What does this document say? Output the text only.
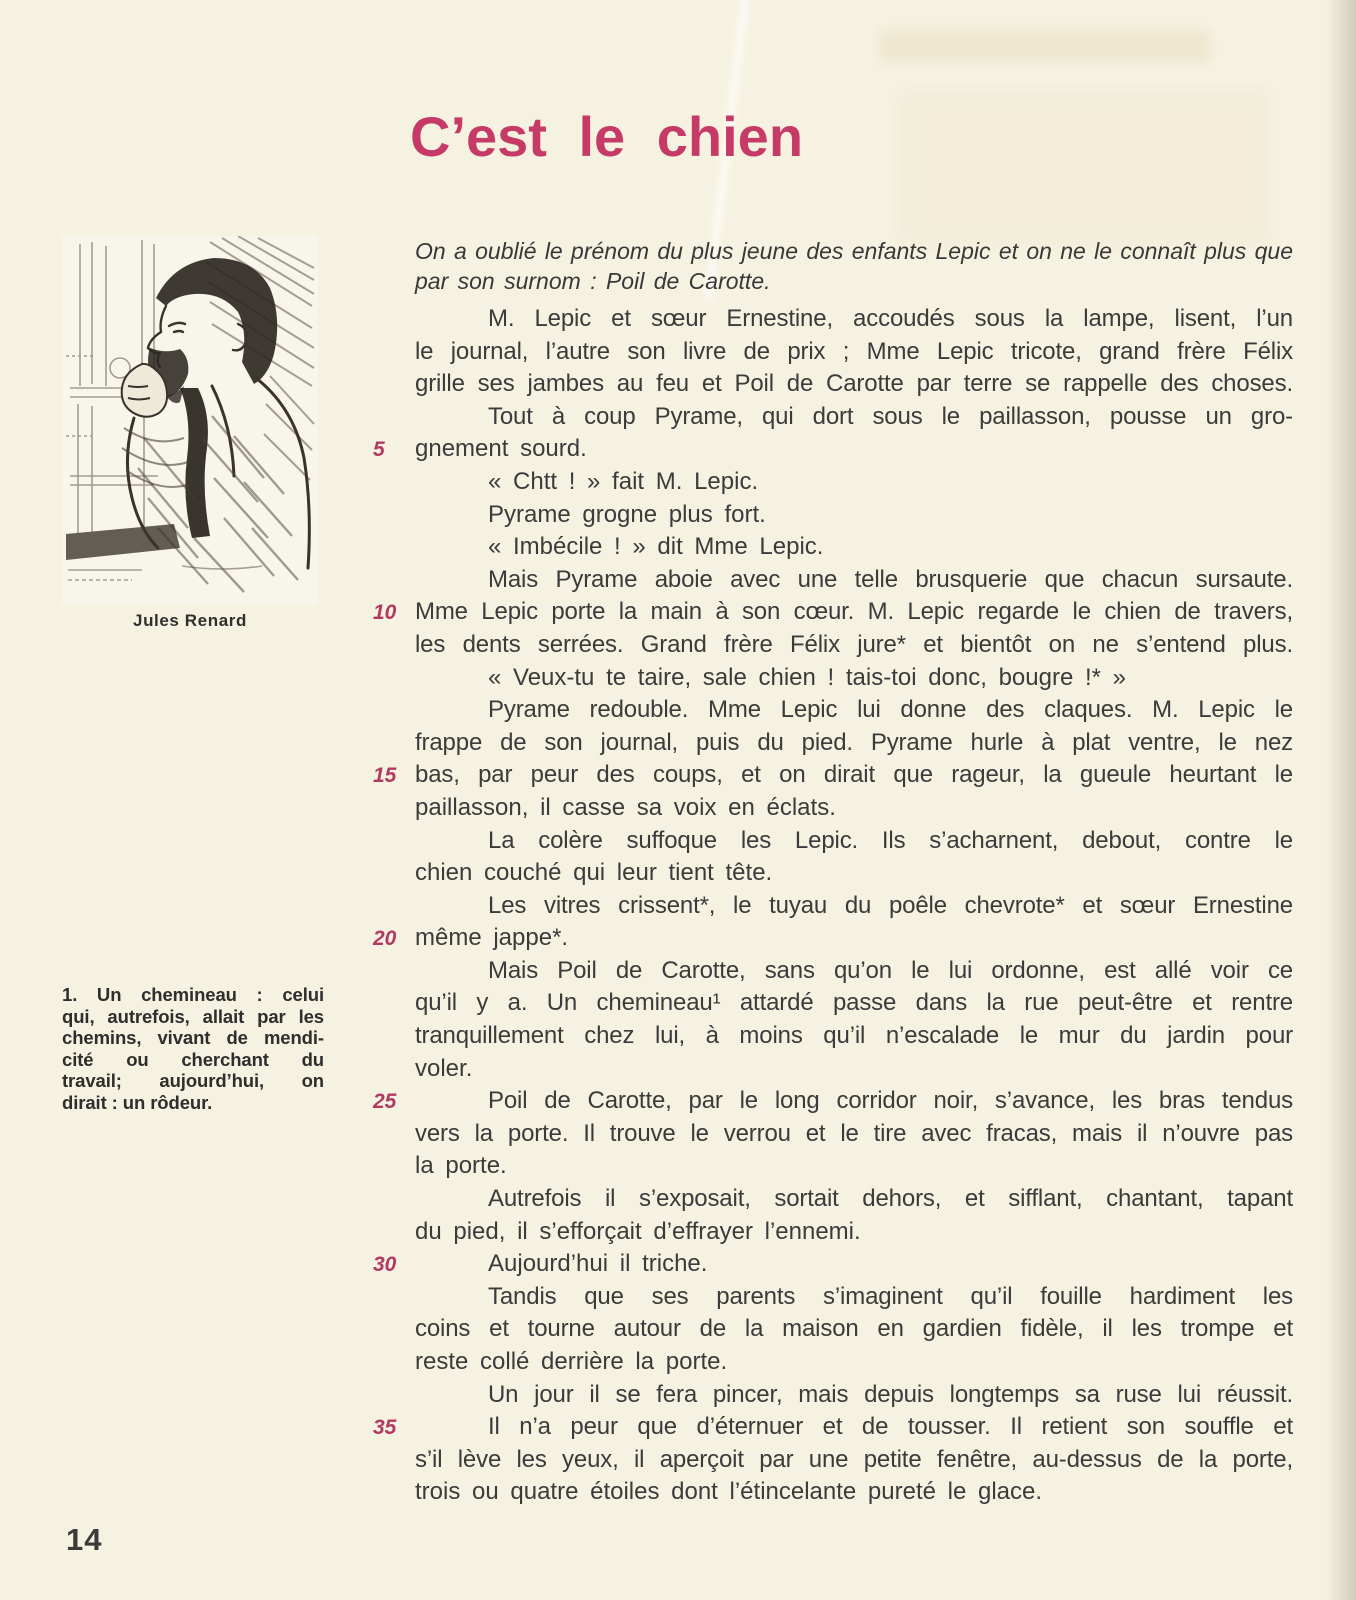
C’est le chien
Jules Renard
On a oublié le prénom du plus jeune des enfants Lepic et on ne le connaît plus que
par son surnom : Poil de Carotte.
M. Lepic et sœur Ernestine, accoudés sous la lampe, lisent, l’un
le journal, l’autre son livre de prix ; Mme Lepic tricote, grand frère Félix
grille ses jambes au feu et Poil de Carotte par terre se rappelle des choses.
Tout à coup Pyrame, qui dort sous le paillasson, pousse un gro-
5 gnement sourd.
« Chtt ! » fait M. Lepic.
Pyrame grogne plus fort.
« Imbécile ! » dit Mme Lepic.
Mais Pyrame aboie avec une telle brusquerie que chacun sursaute.
10 Mme Lepic porte la main à son cœur. M. Lepic regarde le chien de travers,
les dents serrées. Grand frère Félix jure* et bientôt on ne s’entend plus.
« Veux-tu te taire, sale chien ! tais-toi donc, bougre !* »
Pyrame redouble. Mme Lepic lui donne des claques. M. Lepic le
frappe de son journal, puis du pied. Pyrame hurle à plat ventre, le nez
15 bas, par peur des coups, et on dirait que rageur, la gueule heurtant le
paillasson, il casse sa voix en éclats.
La colère suffoque les Lepic. Ils s’acharnent, debout, contre le
chien couché qui leur tient tête.
Les vitres crissent*, le tuyau du poêle chevrote* et sœur Ernestine
20 même jappe*.
Mais Poil de Carotte, sans qu’on le lui ordonne, est allé voir ce
qu’il y a. Un chemineau¹ attardé passe dans la rue peut-être et rentre
tranquillement chez lui, à moins qu’il n’escalade le mur du jardin pour
voler.
25	Poil de Carotte, par le long corridor noir, s’avance, les bras tendus
vers la porte. Il trouve le verrou et le tire avec fracas, mais il n’ouvre pas
la porte.
Autrefois il s’exposait, sortait dehors, et sifflant, chantant, tapant
du pied, il s’efforçait d’effrayer l’ennemi.
30	Aujourd’hui il triche.
Tandis que ses parents s’imaginent qu’il fouille hardiment les
coins et tourne autour de la maison en gardien fidèle, il les trompe et
reste collé derrière la porte.
Un jour il se fera pincer, mais depuis longtemps sa ruse lui réussit.
35	Il n’a peur que d’éternuer et de tousser. Il retient son souffle et
s’il lève les yeux, il aperçoit par une petite fenêtre, au-dessus de la porte,
trois ou quatre étoiles dont l’étincelante pureté le glace.
1. Un chemineau : celui
qui, autrefois, allait par les
chemins, vivant de mendi-
cité ou cherchant du
travail; aujourd’hui, on
dirait : un rôdeur.
14
